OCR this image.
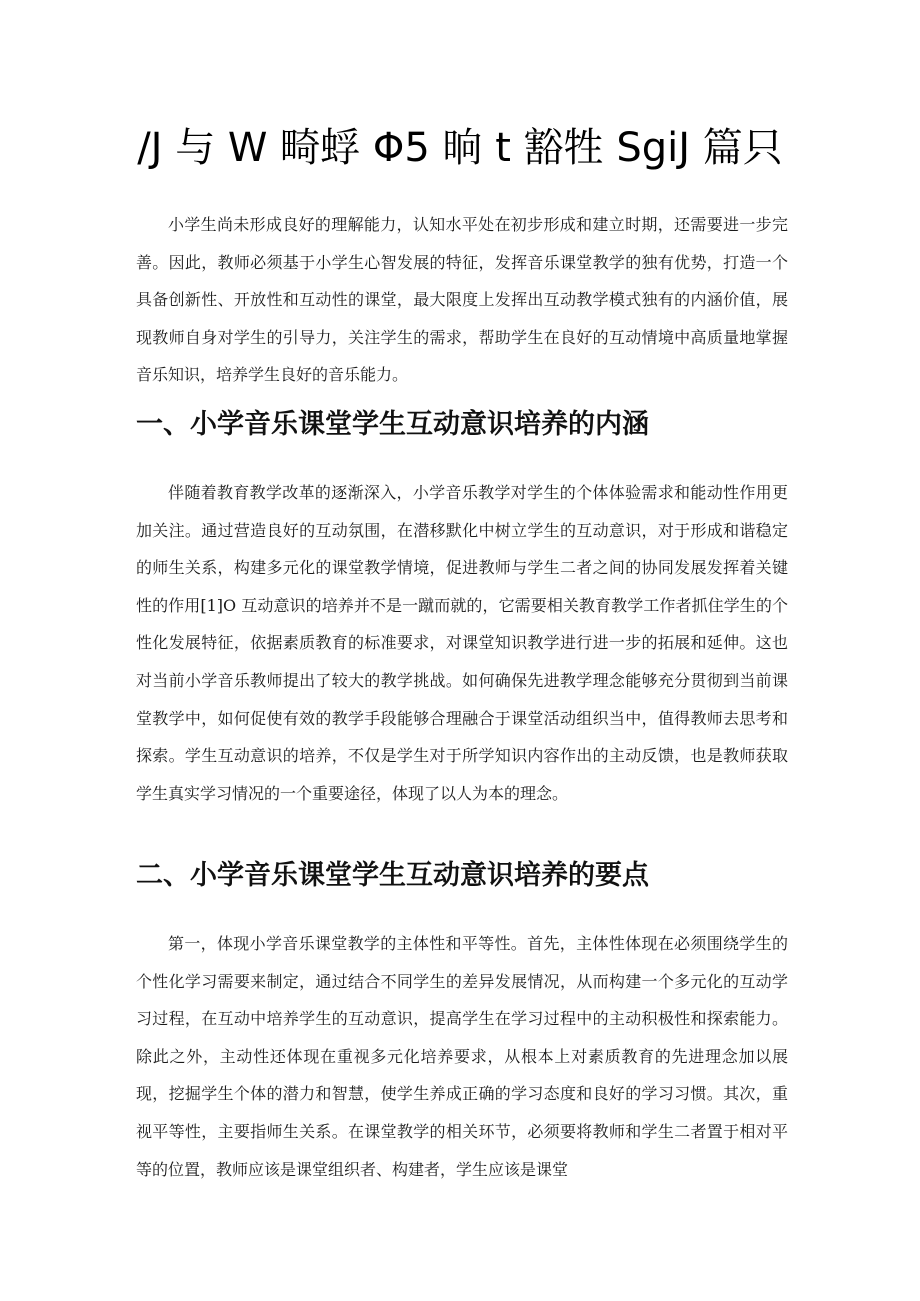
/J 与 W 畸蜉 Φ5 晌 t 豁牲 SgiJ 篇只

小学生尚未形成良好的理解能力，认知水平处在初步形成和建立时期，还需要进一步完善。因此，教师必须基于小学生心智发展的特征，发挥音乐课堂教学的独有优势，打造一个具备创新性、开放性和互动性的课堂，最大限度上发挥出互动教学模式独有的内涵价值，展现教师自身对学生的引导力，关注学生的需求，帮助学生在良好的互动情境中高质量地掌握音乐知识，培养学生良好的音乐能力。

一、小学音乐课堂学生互动意识培养的内涵

伴随着教育教学改革的逐渐深入，小学音乐教学对学生的个体体验需求和能动性作用更加关注。通过营造良好的互动氛围，在潜移默化中树立学生的互动意识，对于形成和谐稳定的师生关系，构建多元化的课堂教学情境，促进教师与学生二者之间的协同发展发挥着关键性的作用[1]O 互动意识的培养并不是一蹴而就的，它需要相关教育教学工作者抓住学生的个性化发展特征，依据素质教育的标准要求，对课堂知识教学进行进一步的拓展和延伸。这也对当前小学音乐教师提出了较大的教学挑战。如何确保先进教学理念能够充分贯彻到当前课堂教学中，如何促使有效的教学手段能够合理融合于课堂活动组织当中，值得教师去思考和探索。学生互动意识的培养，不仅是学生对于所学知识内容作出的主动反馈，也是教师获取学生真实学习情况的一个重要途径，体现了以人为本的理念。

二、小学音乐课堂学生互动意识培养的要点

第一，体现小学音乐课堂教学的主体性和平等性。首先，主体性体现在必须围绕学生的个性化学习需要来制定，通过结合不同学生的差异发展情况，从而构建一个多元化的互动学习过程，在互动中培养学生的互动意识，提高学生在学习过程中的主动积极性和探索能力。除此之外，主动性还体现在重视多元化培养要求，从根本上对素质教育的先进理念加以展现，挖掘学生个体的潜力和智慧，使学生养成正确的学习态度和良好的学习习惯。其次，重视平等性，主要指师生关系。在课堂教学的相关环节，必须要将教师和学生二者置于相对平等的位置，教师应该是课堂组织者、构建者，学生应该是课堂
